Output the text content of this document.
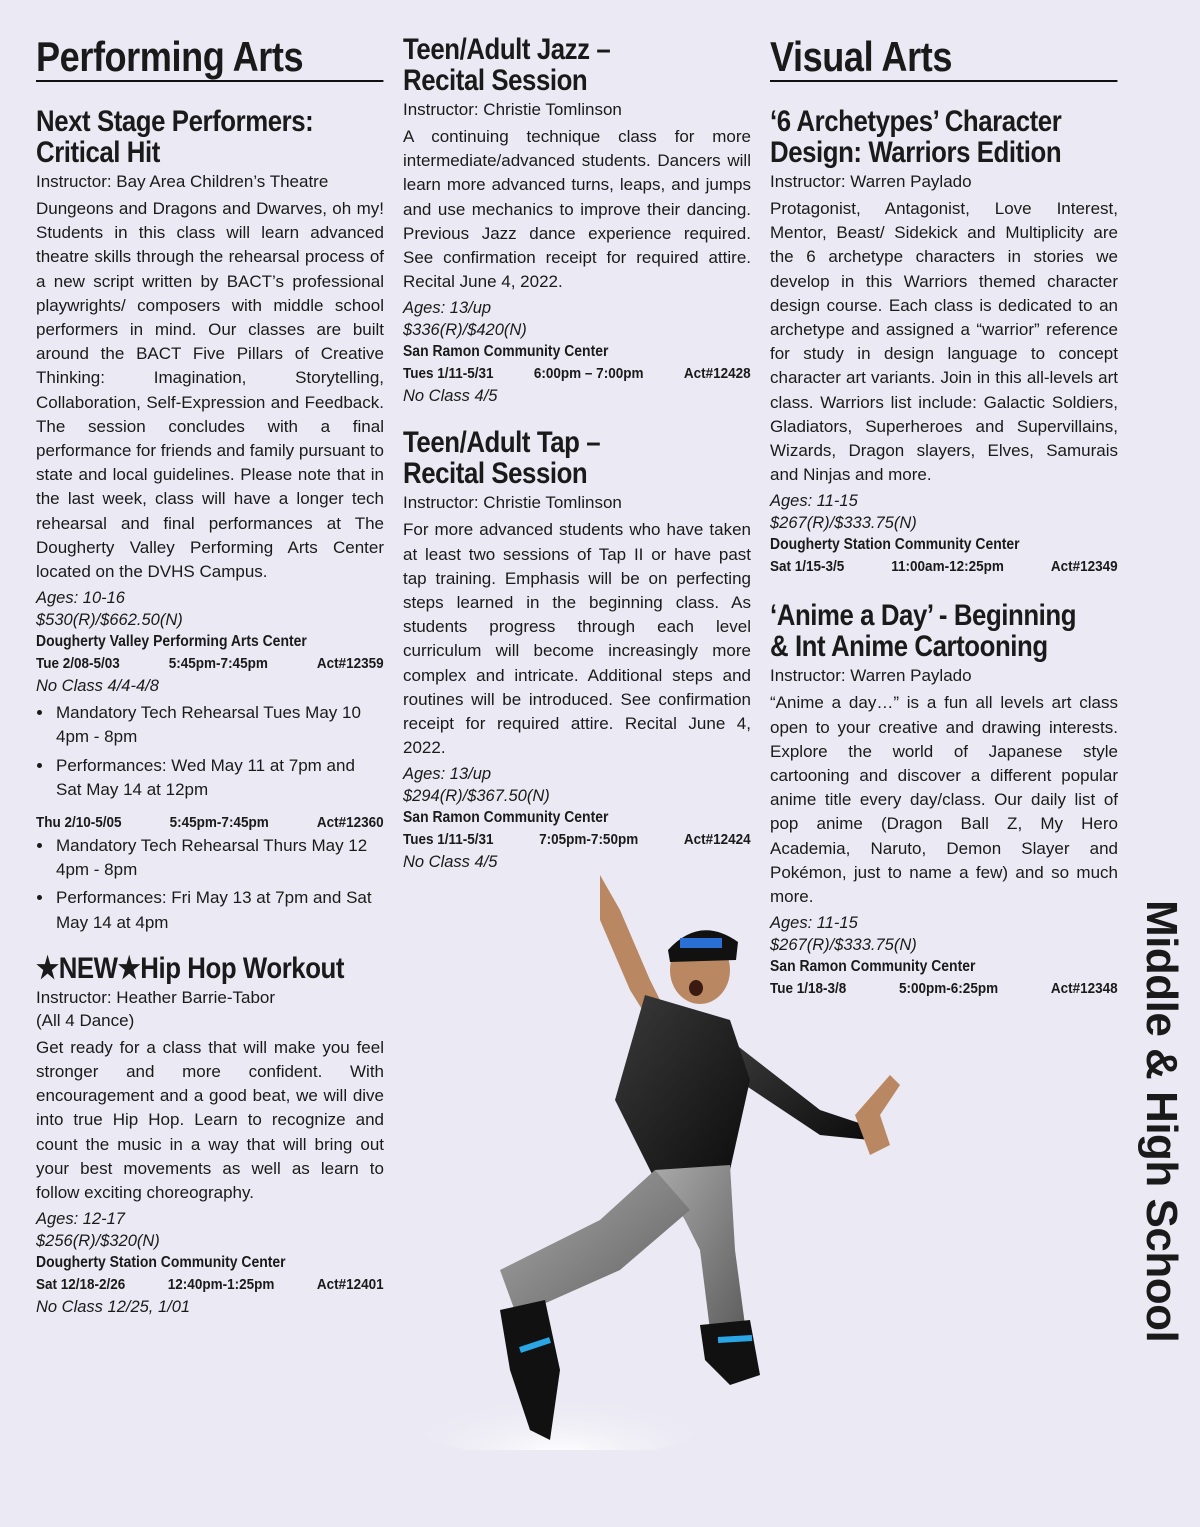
Performing Arts
Next Stage Performers:
Critical Hit

Instructor: Bay Area Children’s Theatre

Dungeons and Dragons and Dwarves, oh my! Students in this class will learn advanced theatre skills through the rehearsal process of a new script written by BACT’s professional playwrights/ composers with middle school performers in mind. Our classes are built around the BACT Five Pillars of Creative Thinking: Imagination, Storytelling, Collaboration, Self-Expression and Feedback. The session concludes with a final performance for friends and family pursuant to state and local guidelines. Please note that in the last week, class will have a longer tech rehearsal and final performances at The Dougherty Valley Performing Arts Center located on the DVHS Campus.

Ages: 10-16

$530(R)/$662.50(N)

Dougherty Valley Performing Arts Center

Tue 2/08-5/03	5:45pm-7:45pm	Act#12359

No Class 4/4-4/8

• Mandatory Tech Rehearsal Tues May 10 4pm - 8pm
• Performances: Wed May 11 at 7pm and Sat May 14 at 12pm
Thu 2/10-5/05	5:45pm-7:45pm	Act#12360
• Mandatory Tech Rehearsal Thurs May 12 4pm - 8pm
• Performances: Fri May 13 at 7pm and Sat May 14 at 4pm
★NEW★Hip Hop Workout

Instructor: Heather Barrie-Tabor

(All 4 Dance)

Get ready for a class that will make you feel stronger and more confident. With encouragement and a good beat, we will dive into true Hip Hop. Learn to recognize and count the music in a way that will bring out your best movements as well as learn to follow exciting choreography.

Ages: 12-17

$256(R)/$320(N)

Dougherty Station Community Center

Sat 12/18-2/26	12:40pm-1:25pm	Act#12401

No Class 12/25, 1/01

Teen/Adult Jazz –
Recital Session

Instructor: Christie Tomlinson

A continuing technique class for more intermediate/advanced students. Dancers will learn more advanced turns, leaps, and jumps and use mechanics to improve their dancing. Previous Jazz dance experience required. See confirmation receipt for required attire. Recital June 4, 2022.

Ages: 13/up

$336(R)/$420(N)

San Ramon Community Center

Tues 1/11-5/31	6:00pm – 7:00pm	Act#12428

No Class 4/5

Teen/Adult Tap –
Recital Session

Instructor: Christie Tomlinson

For more advanced students who have taken at least two sessions of Tap II or have past tap training. Emphasis will be on perfecting steps learned in the beginning class. As students progress through each level curriculum will become increasingly more complex and intricate. Additional steps and routines will be introduced. See confirmation receipt for required attire. Recital June 4, 2022.

Ages: 13/up

$294(R)/$367.50(N)

San Ramon Community Center

Tues 1/11-5/31	7:05pm-7:50pm	Act#12424

No Class 4/5

Visual Arts
‘6 Archetypes’ Character
Design: Warriors Edition

Instructor: Warren Paylado

Protagonist, Antagonist, Love Interest, Mentor, Beast/ Sidekick and Multiplicity are the 6 archetype characters in stories we develop in this Warriors themed character design course. Each class is dedicated to an archetype and assigned a “warrior” reference for study in design language to concept character art variants. Join in this all-levels art class. Warriors list include: Galactic Soldiers, Gladiators, Superheroes and Supervillains, Wizards, Dragon slayers, Elves, Samurais and Ninjas and more.

Ages: 11-15

$267(R)/$333.75(N)

Dougherty Station Community Center

Sat 1/15-3/5	11:00am-12:25pm	Act#12349
‘Anime a Day’ - Beginning
& Int Anime Cartooning

Instructor: Warren Paylado

“Anime a day…” is a fun all levels art class open to your creative and drawing interests. Explore the world of Japanese style cartooning and discover a different popular anime title every day/class. Our daily list of pop anime (Dragon Ball Z, My Hero Academia, Naruto, Demon Slayer and Pokémon, just to name a few) and so much more.

Ages: 11-15

$267(R)/$333.75(N)

San Ramon Community Center

Tue 1/18-3/8	5:00pm-6:25pm	Act#12348 Middle & High School
